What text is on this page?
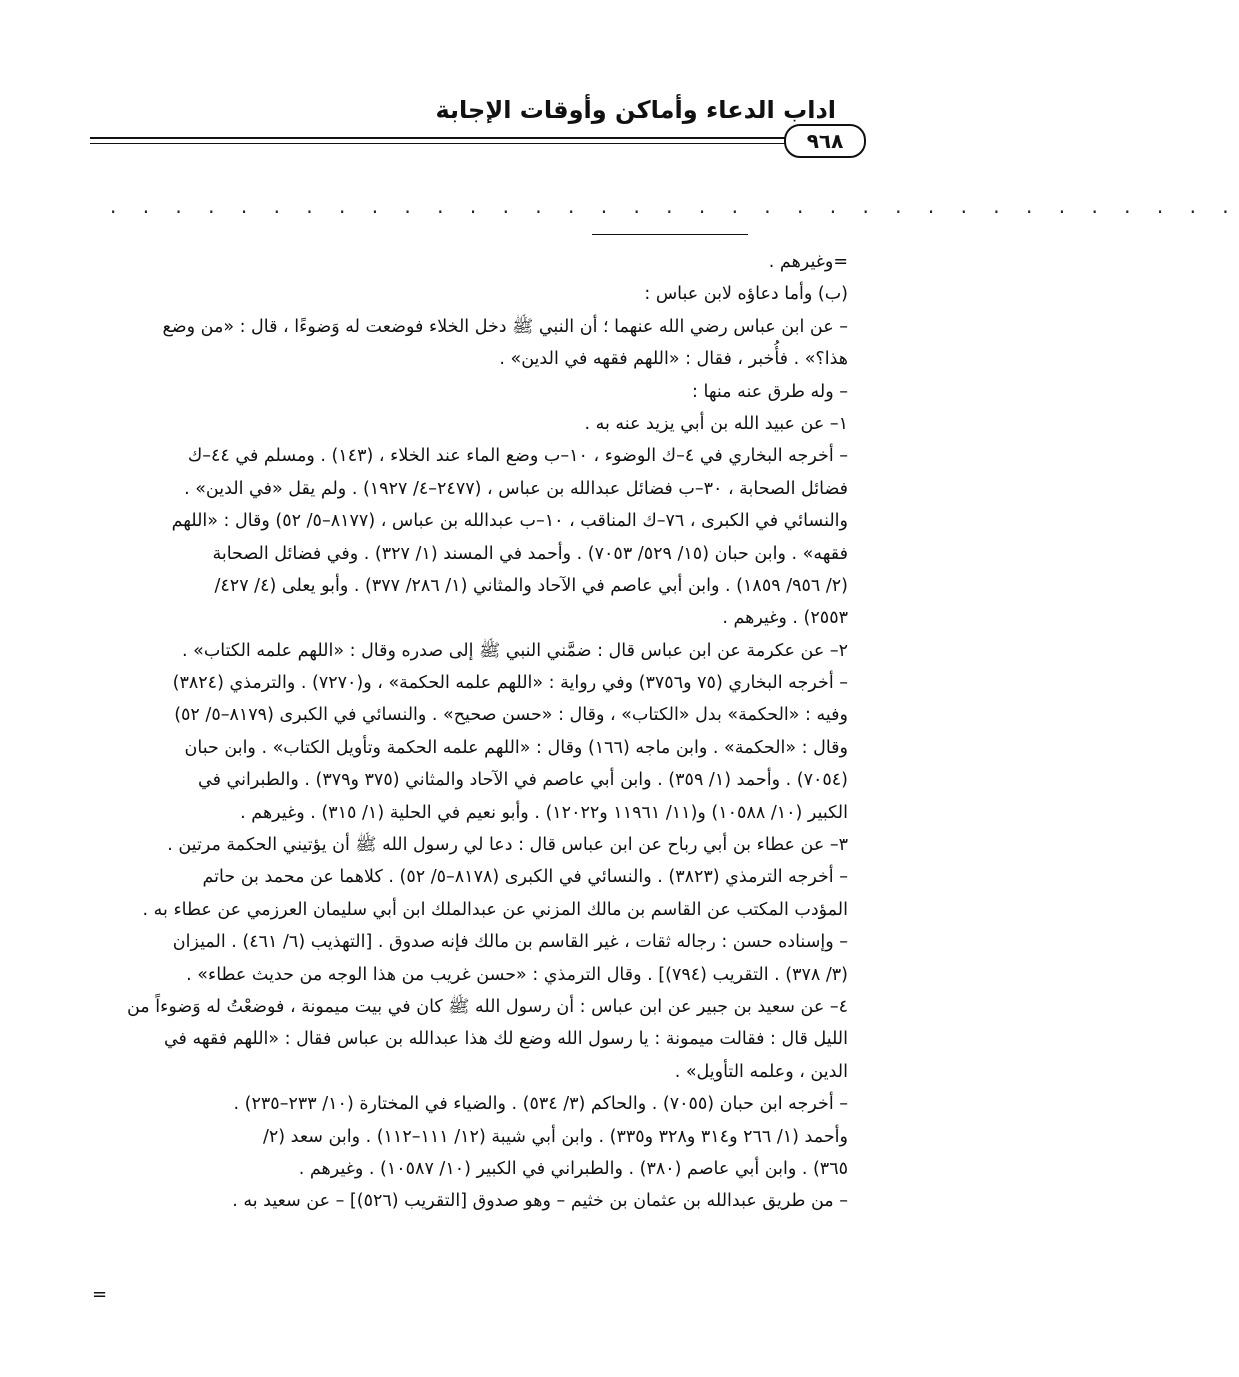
اداب الدعاء وأماكن وأوقات الإجابة
٩٦٨
. . . . . . . . . . . . . . . . . . . . . . . . . . . . . . . . . . .
=وغيرهم .
(ب) وأما دعاؤه لابن عباس :
– عن ابن عباس رضي الله عنهما ؛ أن النبي ﷺ دخل الخلاء فوضعت له وَضوءًا ، قال : «من وضع
هذا؟» . فأُخبر ، فقال : «اللهم فقهه في الدين» .
– وله طرق عنه منها :
١– عن عبيد الله بن أبي يزيد عنه به .
– أخرجه البخاري في ٤–ك الوضوء ، ١٠–ب وضع الماء عند الخلاء ، (١٤٣) . ومسلم في ٤٤–ك
فضائل الصحابة ، ٣٠–ب فضائل عبدالله بن عباس ، (٢٤٧٧–٤/ ١٩٢٧) . ولم يقل «في الدين» .
والنسائي في الكبرى ، ٧٦–ك المناقب ، ١٠–ب عبدالله بن عباس ، (٨١٧٧–٥/ ٥٢) وقال : «اللهم
فقهه» . وابن حبان (١٥/ ٥٢٩/ ٧٠٥٣) . وأحمد في المسند (١/ ٣٢٧) . وفي فضائل الصحابة
(٢/ ٩٥٦/ ١٨٥٩) . وابن أبي عاصم في الآحاد والمثاني (١/ ٢٨٦/ ٣٧٧) . وأبو يعلى (٤/ ٤٢٧/
٢٥٥٣) . وغيرهم .
٢– عن عكرمة عن ابن عباس قال : ضمَّني النبي ﷺ إلى صدره وقال : «اللهم علمه الكتاب» .
– أخرجه البخاري (٧٥ و٣٧٥٦) وفي رواية : «اللهم علمه الحكمة» ، و(٧٢٧٠) . والترمذي (٣٨٢٤)
وفيه : «الحكمة» بدل «الكتاب» ، وقال : «حسن صحيح» . والنسائي في الكبرى (٨١٧٩–٥/ ٥٢)
وقال : «الحكمة» . وابن ماجه (١٦٦) وقال : «اللهم علمه الحكمة وتأويل الكتاب» . وابن حبان
(٧٠٥٤) . وأحمد (١/ ٣٥٩) . وابن أبي عاصم في الآحاد والمثاني (٣٧٥ و٣٧٩) . والطبراني في
الكبير (١٠/ ١٠٥٨٨) و(١١/ ١١٩٦١ و١٢٠٢٢) . وأبو نعيم في الحلية (١/ ٣١٥) . وغيرهم .
٣– عن عطاء بن أبي رباح عن ابن عباس قال : دعا لي رسول الله ﷺ أن يؤتيني الحكمة مرتين .
– أخرجه الترمذي (٣٨٢٣) . والنسائي في الكبرى (٨١٧٨–٥/ ٥٢) . كلاهما عن محمد بن حاتم
المؤدب المكتب عن القاسم بن مالك المزني عن عبدالملك ابن أبي سليمان العرزمي عن عطاء به .
– وإسناده حسن : رجاله ثقات ، غير القاسم بن مالك فإنه صدوق . [التهذيب (٦/ ٤٦١) . الميزان
(٣/ ٣٧٨) . التقريب (٧٩٤)] . وقال الترمذي : «حسن غريب من هذا الوجه من حديث عطاء» .
٤– عن سعيد بن جبير عن ابن عباس : أن رسول الله ﷺ كان في بيت ميمونة ، فوضعْتُ له وَضوءاً من
الليل قال : فقالت ميمونة : يا رسول الله وضع لك هذا عبدالله بن عباس فقال : «اللهم فقهه في
الدين ، وعلمه التأويل» .
– أخرجه ابن حبان (٧٠٥٥) . والحاكم (٣/ ٥٣٤) . والضياء في المختارة (١٠/ ٢٣٣–٢٣٥) .
وأحمد (١/ ٢٦٦ و٣١٤ و٣٢٨ و٣٣٥) . وابن أبي شيبة (١٢/ ١١١–١١٢) . وابن سعد (٢/
٣٦٥) . وابن أبي عاصم (٣٨٠) . والطبراني في الكبير (١٠/ ١٠٥٨٧) . وغيرهم .
– من طريق عبدالله بن عثمان بن خثيم – وهو صدوق [التقريب (٥٢٦)] – عن سعيد به .
=
